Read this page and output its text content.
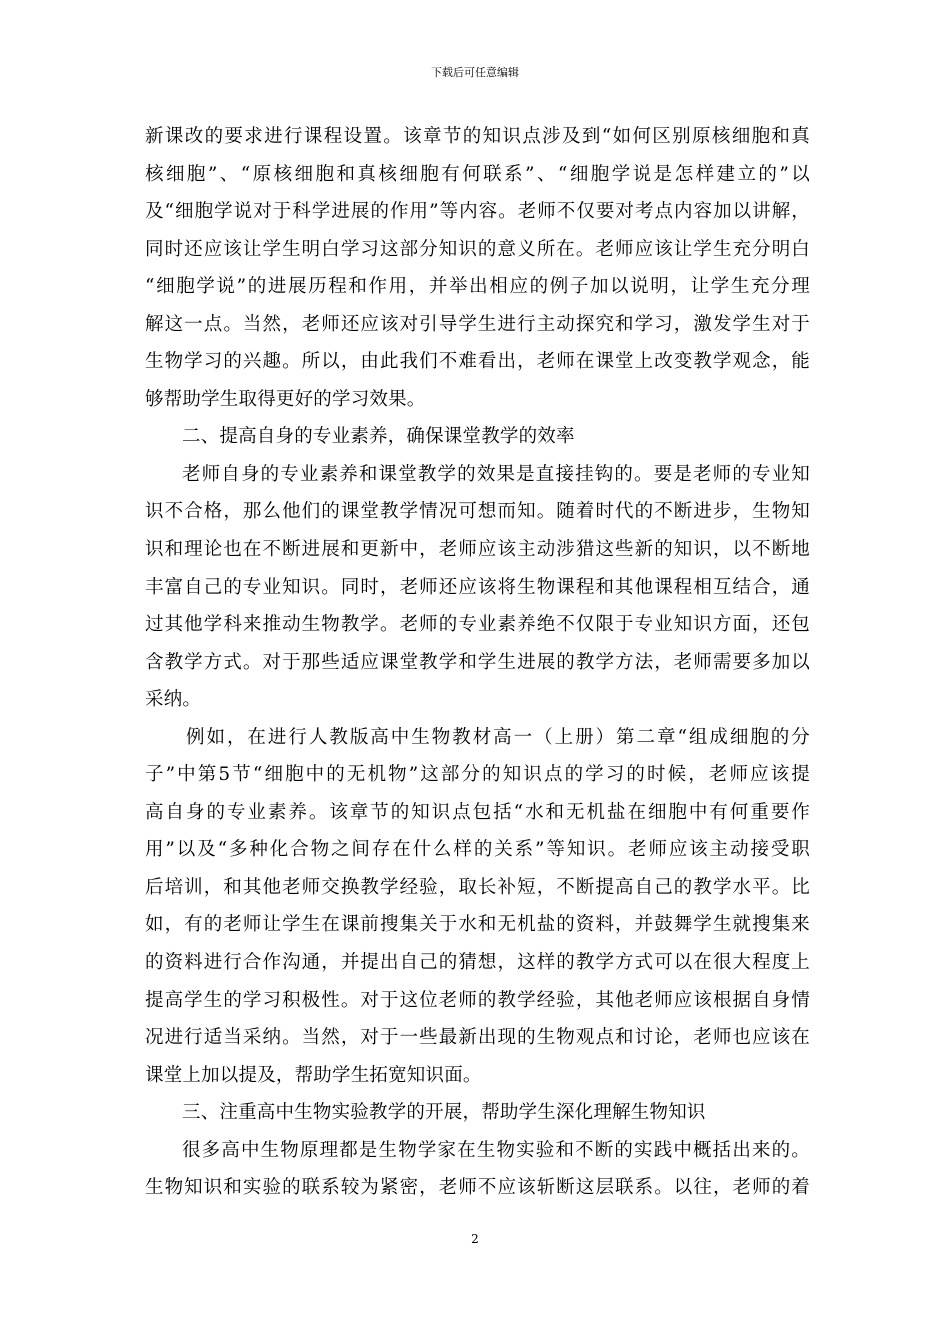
下载后可任意编辑
新课改的要求进行课程设置。该章节的知识点涉及到“如何区别原核细胞和真
核细胞”、“原核细胞和真核细胞有何联系”、“细胞学说是怎样建立的”以
及“细胞学说对于科学进展的作用”等内容。老师不仅要对考点内容加以讲解，
同时还应该让学生明白学习这部分知识的意义所在。老师应该让学生充分明白
“细胞学说”的进展历程和作用，并举出相应的例子加以说明，让学生充分理
解这一点。当然，老师还应该对引导学生进行主动探究和学习，激发学生对于
生物学习的兴趣。所以，由此我们不难看出，老师在课堂上改变教学观念，能
够帮助学生取得更好的学习效果。
二、提高自身的专业素养，确保课堂教学的效率
老师自身的专业素养和课堂教学的效果是直接挂钩的。要是老师的专业知
识不合格，那么他们的课堂教学情况可想而知。随着时代的不断进步，生物知
识和理论也在不断进展和更新中，老师应该主动涉猎这些新的知识，以不断地
丰富自己的专业知识。同时，老师还应该将生物课程和其他课程相互结合，通
过其他学科来推动生物教学。老师的专业素养绝不仅限于专业知识方面，还包
含教学方式。对于那些适应课堂教学和学生进展的教学方法，老师需要多加以
采纳。
例如，在进行人教版高中生物教材高一（上册）第二章“组成细胞的分
子”中第5节“细胞中的无机物”这部分的知识点的学习的时候，老师应该提
高自身的专业素养。该章节的知识点包括“水和无机盐在细胞中有何重要作
用”以及“多种化合物之间存在什么样的关系”等知识。老师应该主动接受职
后培训，和其他老师交换教学经验，取长补短，不断提高自己的教学水平。比
如，有的老师让学生在课前搜集关于水和无机盐的资料，并鼓舞学生就搜集来
的资料进行合作沟通，并提出自己的猜想，这样的教学方式可以在很大程度上
提高学生的学习积极性。对于这位老师的教学经验，其他老师应该根据自身情
况进行适当采纳。当然，对于一些最新出现的生物观点和讨论，老师也应该在
课堂上加以提及，帮助学生拓宽知识面。
三、注重高中生物实验教学的开展，帮助学生深化理解生物知识
很多高中生物原理都是生物学家在生物实验和不断的实践中概括出来的。
生物知识和实验的联系较为紧密，老师不应该斩断这层联系。以往，老师的着
2
